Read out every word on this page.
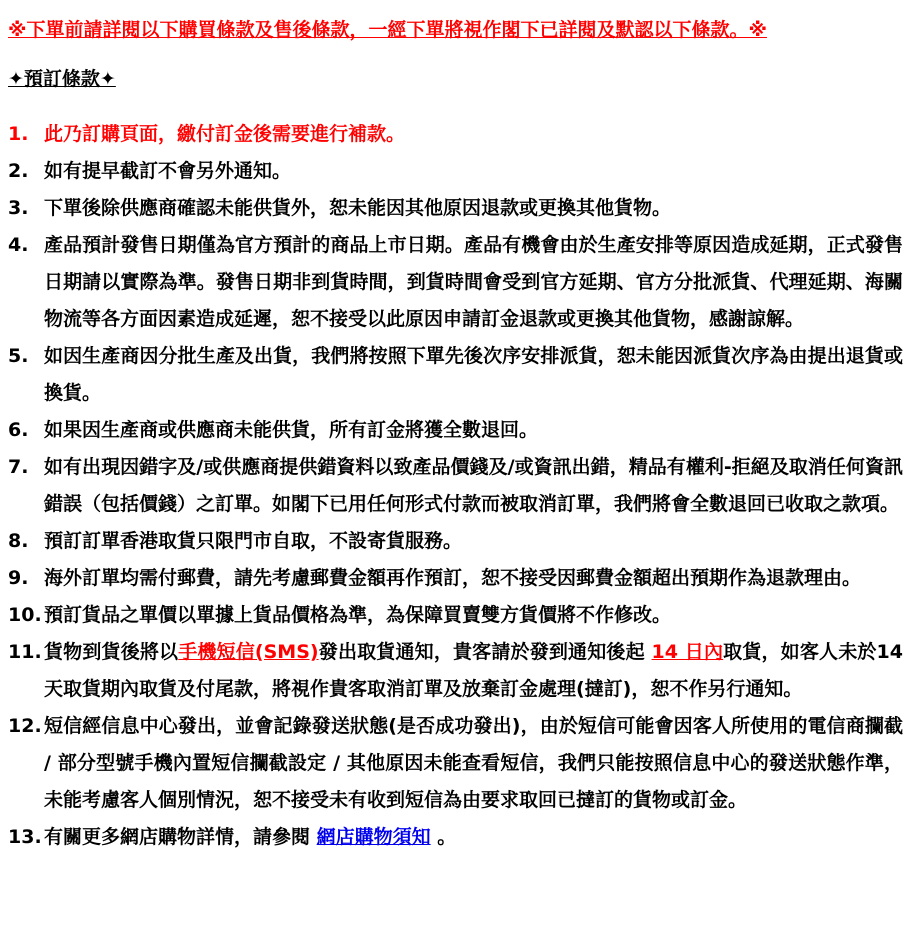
※下單前請詳閱以下購買條款及售後條款，一經下單將視作閣下已詳閱及默認以下條款。※

✦預訂條款✦
1. 此乃訂購頁面，繳付訂金後需要進行補款。
2. 如有提早截訂不會另外通知。
3. 下單後除供應商確認未能供貨外，恕未能因其他原因退款或更換其他貨物。
4. 產品預計發售日期僅為官方預計的商品上市日期。產品有機會由於生產安排等原因造成延期，正式發售日期請以實際為準。發售日期非到貨時間，到貨時間會受到官方延期、官方分批派貨、代理延期、海關物流等各方面因素造成延遲，恕不接受以此原因申請訂金退款或更換其他貨物，感謝諒解。
5. 如因生產商因分批生產及出貨，我們將按照下單先後次序安排派貨，恕未能因派貨次序為由提出退貨或換貨。
6. 如果因生產商或供應商未能供貨，所有訂金將獲全數退回。
7. 如有出現因錯字及/或供應商提供錯資料以致產品價錢及/或資訊出錯，精品有權利-拒絕及取消任何資訊錯誤（包括價錢）之訂單。如閣下已用任何形式付款而被取消訂單，我們將會全數退回已收取之款項。
8. 預訂訂單香港取貨只限門市自取，不設寄貨服務。
9. 海外訂單均需付郵費，請先考慮郵費金額再作預訂，恕不接受因郵費金額超出預期作為退款理由。
10. 預訂貨品之單價以單據上貨品價格為準，為保障買賣雙方貨價將不作修改。
11. 貨物到貨後將以手機短信(SMS)發出取貨通知，貴客請於發到通知後起 14 日內取貨，如客人未於14 天取貨期內取貨及付尾款，將視作貴客取消訂單及放棄訂金處理(撻訂)，恕不作另行通知。
12. 短信經信息中心發出，並會記錄發送狀態(是否成功發出)，由於短信可能會因客人所使用的電信商攔截 / 部分型號手機內置短信攔截設定 / 其他原因未能查看短信，我們只能按照信息中心的發送狀態作準，未能考慮客人個別情況，恕不接受未有收到短信為由要求取回已撻訂的貨物或訂金。
13. 有關更多網店購物詳情，請參閱 網店購物須知 。
